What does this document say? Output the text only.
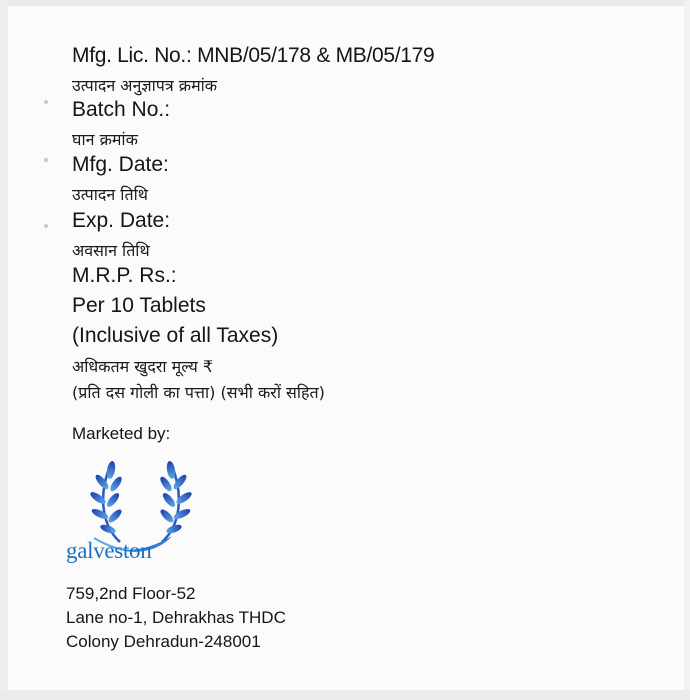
Mfg. Lic. No.: MNB/05/178 & MB/05/179
उत्पादन अनुज्ञापत्र क्रमांक
Batch No.:
घान क्रमांक
Mfg. Date:
उत्पादन तिथि
Exp. Date:
अवसान तिथि
M.R.P. Rs.:
Per 10 Tablets
(Inclusive of all Taxes)
अधिकतम खुदरा मूल्य ₹
(प्रति दस गोली का पत्ता) (सभी करों सहित)
Marketed by:
galveston
759,2nd Floor-52
Lane no-1, Dehrakhas THDC
Colony Dehradun-248001
